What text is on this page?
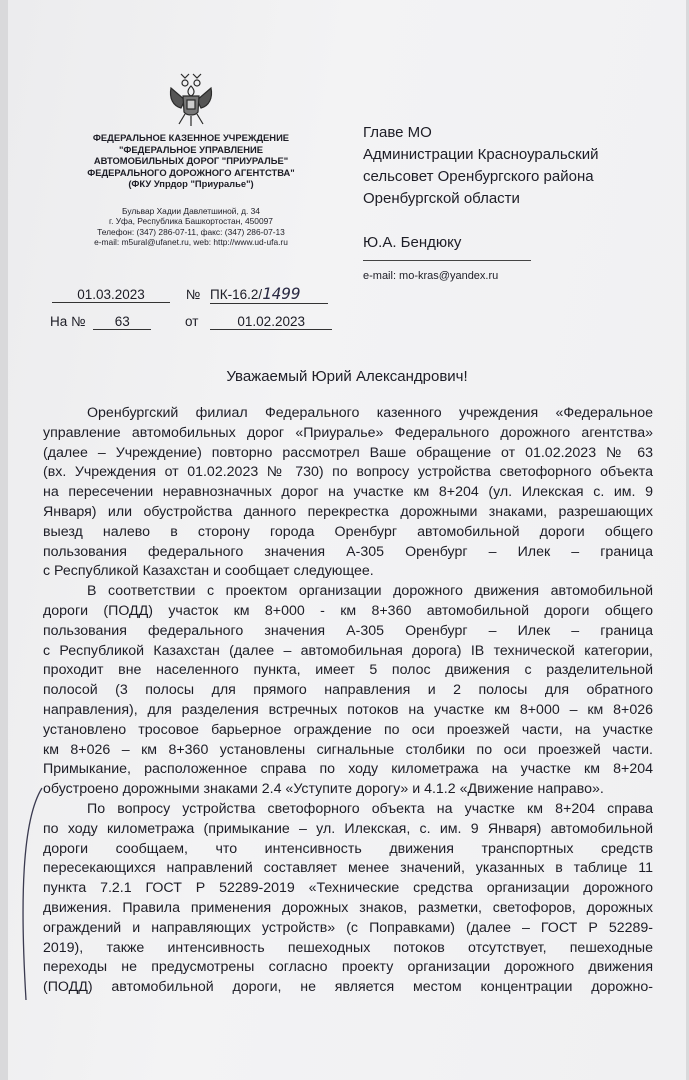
ФЕДЕРАЛЬНОЕ КАЗЕННОЕ УЧРЕЖДЕНИЕ

"ФЕДЕРАЛЬНОЕ УПРАВЛЕНИЕ

АВТОМОБИЛЬНЫХ ДОРОГ "ПРИУРАЛЬЕ"

ФЕДЕРАЛЬНОГО ДОРОЖНОГО АГЕНТСТВА"

(ФКУ Упрдор "Приуралье")

Бульвар Хадии Давлетшиной, д. 34
г. Уфа, Республика Башкортостан, 450097
Телефон: (347) 286-07-11, факс: (347) 286-07-13
e-mail: m5ural@ufanet.ru, web: http://www.ud-ufa.ru
Главе МО
Администрации Красноуральский
сельсовет Оренбургского района
Оренбургской области
Ю.А. Бендюку
e-mail: mo-kras@yandex.ru
01.03.2023	№ ПК-16.2/1499
На № 63	от	01.02.2023
Уважаемый Юрий Александрович!
Оренбургский филиал Федерального казенного учреждения «Федеральное
управление автомобильных дорог «Приуралье» Федерального дорожного агентства»
(далее – Учреждение) повторно рассмотрел Ваше обращение от 01.02.2023 № 63
(вх. Учреждения от 01.02.2023 № 730) по вопросу устройства светофорного объекта
на пересечении неравнозначных дорог на участке км 8+204 (ул. Илекская с. им. 9
Января) или обустройства данного перекрестка дорожными знаками, разрешающих
выезд налево в сторону города Оренбург автомобильной дороги общего
пользования федерального значения А-305 Оренбург – Илек – граница
с Республикой Казахстан и сообщает следующее.
В соответствии с проектом организации дорожного движения автомобильной
дороги (ПОДД) участок км 8+000 - км 8+360 автомобильной дороги общего
пользования федерального значения А-305 Оренбург – Илек – граница
с Республикой Казахстан (далее – автомобильная дорога) IВ технической категории,
проходит вне населенного пункта, имеет 5 полос движения с разделительной
полосой (3 полосы для прямого направления и 2 полосы для обратного
направления), для разделения встречных потоков на участке км 8+000 – км 8+026
установлено тросовое барьерное ограждение по оси проезжей части, на участке
км 8+026 – км 8+360 установлены сигнальные столбики по оси проезжей части.
Примыкание, расположенное справа по ходу километража на участке км 8+204
обустроено дорожными знаками 2.4 «Уступите дорогу» и 4.1.2 «Движение направо».
По вопросу устройства светофорного объекта на участке км 8+204 справа
по ходу километража (примыкание – ул. Илекская, с. им. 9 Января) автомобильной
дороги сообщаем, что интенсивность движения транспортных средств
пересекающихся направлений составляет менее значений, указанных в таблице 11
пункта 7.2.1 ГОСТ Р 52289-2019 «Технические средства организации дорожного
движения. Правила применения дорожных знаков, разметки, светофоров, дорожных
ограждений и направляющих устройств» (с Поправками) (далее – ГОСТ Р 52289-
2019), также интенсивность пешеходных потоков отсутствует, пешеходные
переходы не предусмотрены согласно проекту организации дорожного движения
(ПОДД) автомобильной дороги, не является местом концентрации дорожно-
